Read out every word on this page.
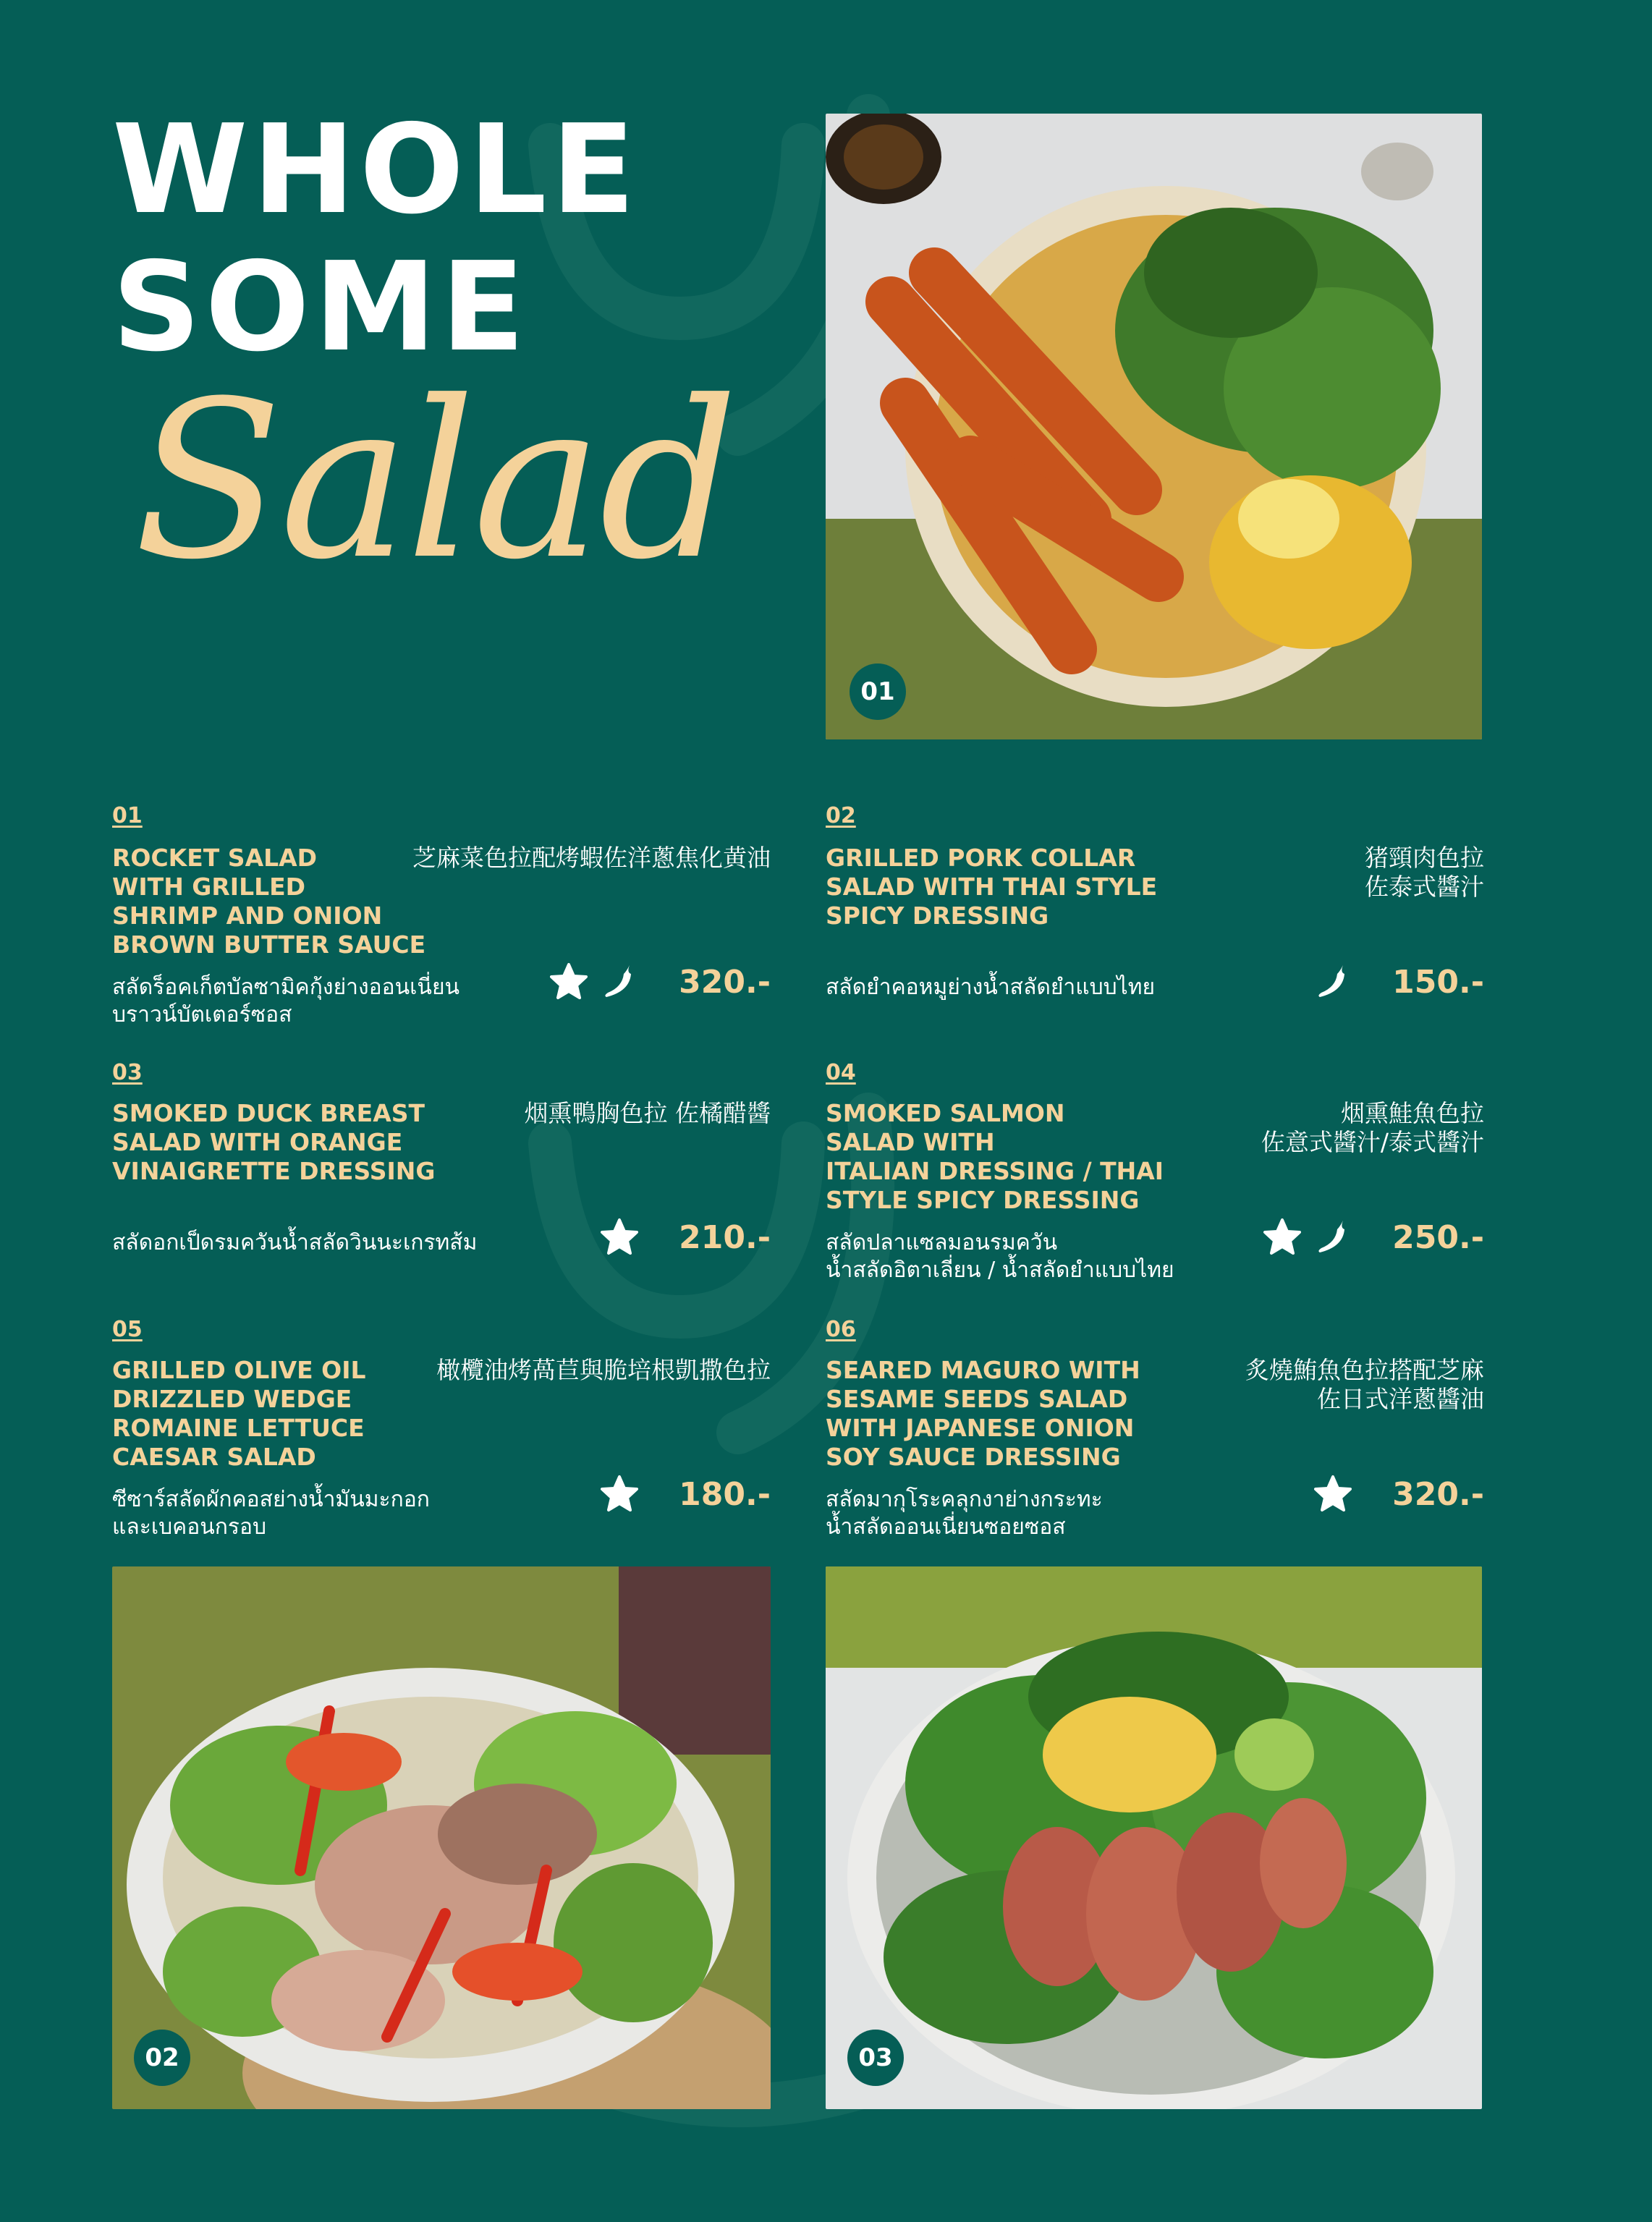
WHOLE
SOME
Salad
01
01
ROCKET SALAD
WITH GRILLED
SHRIMP AND ONION
BROWN BUTTER SAUCE
芝麻菜色拉配烤蝦佐洋蔥焦化黄油
สลัดร็อคเก็ตบัลซามิคกุ้งย่างออนเนี่ยน
บราวน์บัตเตอร์ซอส
320.-
02
GRILLED PORK COLLAR
SALAD WITH THAI STYLE
SPICY DRESSING
猪頸肉色拉
佐泰式醬汁
สลัดยำคอหมูย่างน้ำสลัดยำแบบไทย	150.-
03
SMOKED DUCK BREAST
SALAD WITH ORANGE
VINAIGRETTE DRESSING
烟熏鴨胸色拉 佐橘醋醬
สลัดอกเป็ดรมควันน้ำสลัดวินนะเกรทส้ม	210.-
04
SMOKED SALMON
SALAD WITH
ITALIAN DRESSING / THAI
STYLE SPICY DRESSING
烟熏鮭魚色拉
佐意式醬汁/泰式醬汁
สลัดปลาแซลมอนรมควัน
น้ำสลัดอิตาเลี่ยน / น้ำสลัดยำแบบไทย
250.-
05
GRILLED OLIVE OIL
DRIZZLED WEDGE
ROMAINE LETTUCE
CAESAR SALAD
橄欖油烤萵苣與脆培根凱撒色拉
ซีซาร์สลัดผักคอสย่างน้ำมันมะกอก
และเบคอนกรอบ
180.-
06
SEARED MAGURO WITH
SESAME SEEDS SALAD
WITH JAPANESE ONION
SOY SAUCE DRESSING
炙燒鮪魚色拉搭配芝麻
佐日式洋蔥醬油
สลัดมากุโระคลุกงาย่างกระทะ
น้ำสลัดออนเนี่ยนซอยซอส
320.-
02	03
